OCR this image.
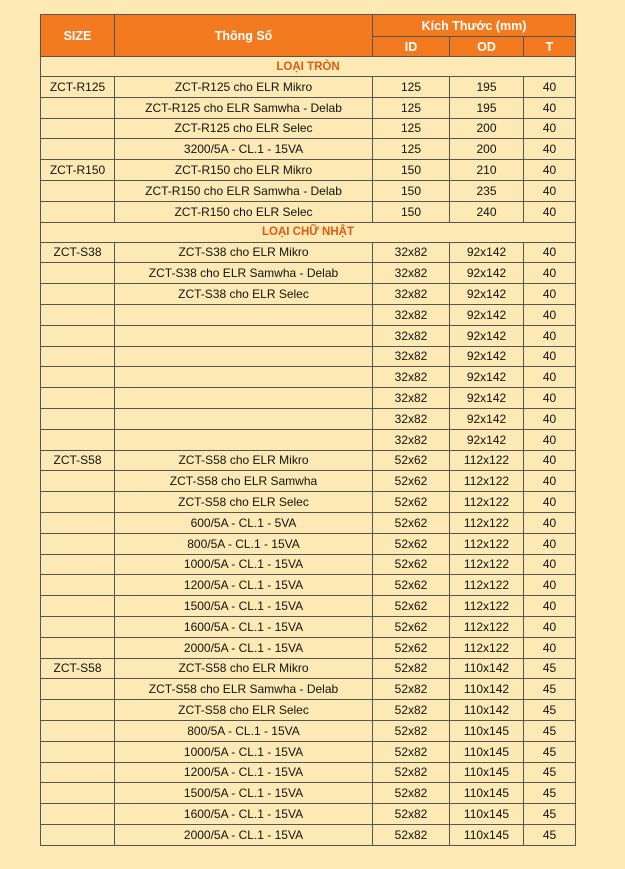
SIZE	Thông Số	Kích Thước (mm)		
		ID	OD	T
LOẠI TRÒN				
ZCT-R125	ZCT-R125 cho ELR Mikro	125	195	40
	ZCT-R125 cho ELR Samwha - Delab	125	195	40
	ZCT-R125 cho ELR Selec	125	200	40
	3200/5A - CL.1 - 15VA	125	200	40
ZCT-R150	ZCT-R150 cho ELR Mikro	150	210	40
	ZCT-R150 cho ELR Samwha - Delab	150	235	40
	ZCT-R150 cho ELR Selec	150	240	40
LOẠI CHỮ NHẬT				
ZCT-S38	ZCT-S38 cho ELR Mikro	32x82	92x142	40
	ZCT-S38 cho ELR Samwha - Delab	32x82	92x142	40
	ZCT-S38 cho ELR Selec	32x82	92x142	40
		32x82	92x142	40
		32x82	92x142	40
		32x82	92x142	40
		32x82	92x142	40
		32x82	92x142	40
		32x82	92x142	40
		32x82	92x142	40
ZCT-S58	ZCT-S58 cho ELR Mikro	52x62	112x122	40
	ZCT-S58 cho ELR Samwha	52x62	112x122	40
	ZCT-S58 cho ELR Selec	52x62	112x122	40
	600/5A - CL.1 - 5VA	52x62	112x122	40
	800/5A - CL.1 - 15VA	52x62	112x122	40
	1000/5A - CL.1 - 15VA	52x62	112x122	40
	1200/5A - CL.1 - 15VA	52x62	112x122	40
	1500/5A - CL.1 - 15VA	52x62	112x122	40
	1600/5A - CL.1 - 15VA	52x62	112x122	40
	2000/5A - CL.1 - 15VA	52x62	112x122	40
ZCT-S58	ZCT-S58 cho ELR Mikro	52x82	110x142	45
	ZCT-S58 cho ELR Samwha - Delab	52x82	110x142	45
	ZCT-S58 cho ELR Selec	52x82	110x142	45
	800/5A - CL.1 - 15VA	52x82	110x145	45
	1000/5A - CL.1 - 15VA	52x82	110x145	45
	1200/5A - CL.1 - 15VA	52x82	110x145	45
	1500/5A - CL.1 - 15VA	52x82	110x145	45
	1600/5A - CL.1 - 15VA	52x82	110x145	45
	2000/5A - CL.1 - 15VA	52x82	110x145	45
